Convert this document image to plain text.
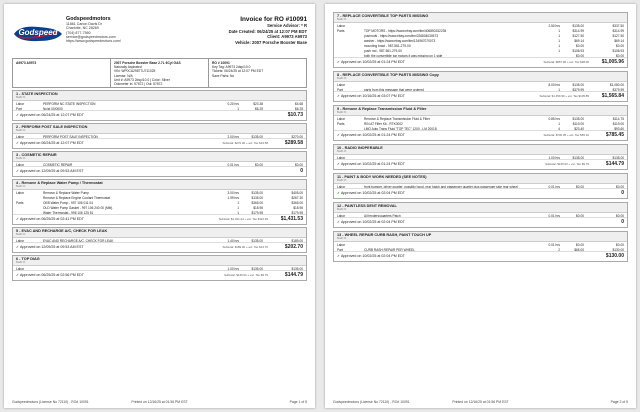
Godspeed
Godspeedmotors
11861 Canon Davis Dr
Charlotte, NC 28269
(704) 877-7560
service@godspeedmotors.com
https://www.godspeedmotors.com/
Invoice for RO #10091
Service Advisor: * R
Date Created: 06/24/25 at 12:07 PM EDT
Client: A9973 A9973
Vehicle: 2007 Porsche Boxster Base
A9973 A9973	2007 Porsche Boxster Base 2.7L 6Cyl GAS
Naturally Aspirated
VIN: WP0CA29877U711025
License: N/A
Unit #: A9973 2dsp/10.0 | Color: Silver
Odometer In: 57572 | Out: 57572
RO # 10091
Key Tag: A9973 2dsp/10.0
Tickets: 06/24/25 at 12:07 PM EDT
Save Parts: No
1 - STATE INSPECTION
Tech: K
Labor	PERFORM NC STATE INSPECTION	0.20 hrs	$23.38	$4.68
Part	Nc/st 00/0000	1	$6.25	$6.25
✓ Approved on 06/24/25 at 12:07 PM EDT	$10.73
2 - PERFORM POST SALE INSPECTION
Tech: K
Labor	PERFORM POST SALE INSPECTION	2.00 hrs	$135.00	$270.00
✓ Approved on 06/24/25 at 12:07 PM EDT	Subtotal: $270.00 + ext. Tax $19.58	$289.58
3 - COSMETIC REPAIR
Tech: K
Labor	COSMETIC REPAIR	0.01 hrs	$0.00	$0.00
✓ Approved on 12/09/25 at 09:53 AM EST	0
4 - Remove & Replace Water Pump / Thermostat
Tech: K
Labor	Remove & Replace Water Pump	3.00 hrs	$135.00	$405.00
Remove & Replace Engine Coolant Thermostat	1.99 hrs	$135.00	$267.30
Parts	OEB Water Pump - 997 106 011 04	1	$365.00	$365.00
OLD Water Pump Gasket - 997 106 240 00 (Mfd)	1	$18.95	$18.95
Water Thermostat - 996 106 125 51	1	$179.95	$179.95
✓ Approved on 06/25/25 at 02:41 PM EDT	Subtotal: $1,321.24 + ext. Tax $110.29	$1,431.53
5 - EVAC AND RECHARGE A/C, CHECK FOR LEAK
Tech: K
Labor	EVAC AND RECHARGE A/C, CHECK FOR LEAK	1.40 hrs	$135.00	$189.00
✓ Approved on 12/09/25 at 09:53 AM EST	Subtotal: $189.00 + ext. Tax $13.70	$202.70
6 - TOP DIAG
Tech: K
Labor	1.00 hrs	$135.00	$135.00
✓ Approved on 06/25/25 at 02:56 PM EDT	Subtotal: $135.00 + ext. Tax $9.79	$144.79
Godspeedmotors (License No 72110) - RO# 10091	Printed on 12/16/25 at 01:56 PM EST	Page 1 of 5
7 - REPLACE CONVERTIBLE TOP PARTS MISSING
Tech: K
Labor	2.50 hrs	$135.00	$337.50
Parts	TOP MOTORS - https://www.ebay.com/itm/406850152235	1	$314.99	$314.99
pushrods - https://www.ebay.com/itm/226804030573	1	$127.50	$127.50
washer - https://www.ebay.com/itm/134967070073	1	$69.14	$69.14
mounting bract - 987-561-279-00	1	$0.00	$0.00
push rod - 987-561-279-00	1	$108.93	$108.93
both the convertible top motors it was missing on 1 side	$0.00	$0.00
✓ Approved on 10/02/25 at 01:24 PM EDT	Subtotal: $957.96 + ext. Tax $38.00	$1,005.96
8 - REPLACE CONVERTIBLE TOP PARTS MISSING Copy
Tech: K
Labor	8.00 hrs	$135.00	$1,080.00
Part	parts from this message that were ordered	1	$379.99	$379.99
✓ Approved on 10/16/25 at 03:07 PM EDT	Subtotal: $1,459.99 + ext. Tax $105.85	$1,565.84
9 - Remove & Replace Transmission Fluid & Filter
Tech: K
Labor	Remove & Replace Transmission Fluid & Filter	0.85 hrs	$135.00	$114.75
Parts	RIN AT Filter Kit - RTK0002	1	$119.00	$119.00
LMO Auto Trans Fluid "TOP TEC" 1200 - LM 20018	4	$23.40	$93.60
✓ Approved on 10/02/25 at 01:24 PM EDT	Subtotal: $730.35 + ext. Tax $55.10	$785.45
10 - RADIO INOPERABLE
Tech: K
Labor	1.00 hrs	$135.00	$135.00
✓ Approved on 10/02/25 at 01:24 PM EDT	Subtotal: $135.00 + ext. Tax $9.79	$144.79
11 - PAINT & BODY WORK NEEDED (SEE NOTES)
Tech: K
Labor	front bumper, driver quarter, possibly hood, rear hatch and passenger quarter plus passenger side rear wheel	0.01 hrs	$0.00	$0.00
✓ Approved on 10/02/25 at 02:04 PM EDT	0
12 - PAINTLESS DENT REMOVAL
Tech: K
Labor	All fenders/quarters Patch	0.01 hrs	$0.00	$0.00
✓ Approved on 10/02/25 at 02:04 PM EDT	0
13 - WHEEL REPAIR CURB RASH, PAINT TOUCH UP
Tech: K
Labor	0.01 hrs	$0.00	$0.00
Part	CURB RASH REPAIR PER WHEEL	2	$65.00	$130.00
✓ Approved on 10/02/25 at 02:04 PM EDT	$130.00
Godspeedmotors (License No 72110) - RO# 10091	Printed on 12/16/25 at 01:56 PM EST	Page 2 of 5
